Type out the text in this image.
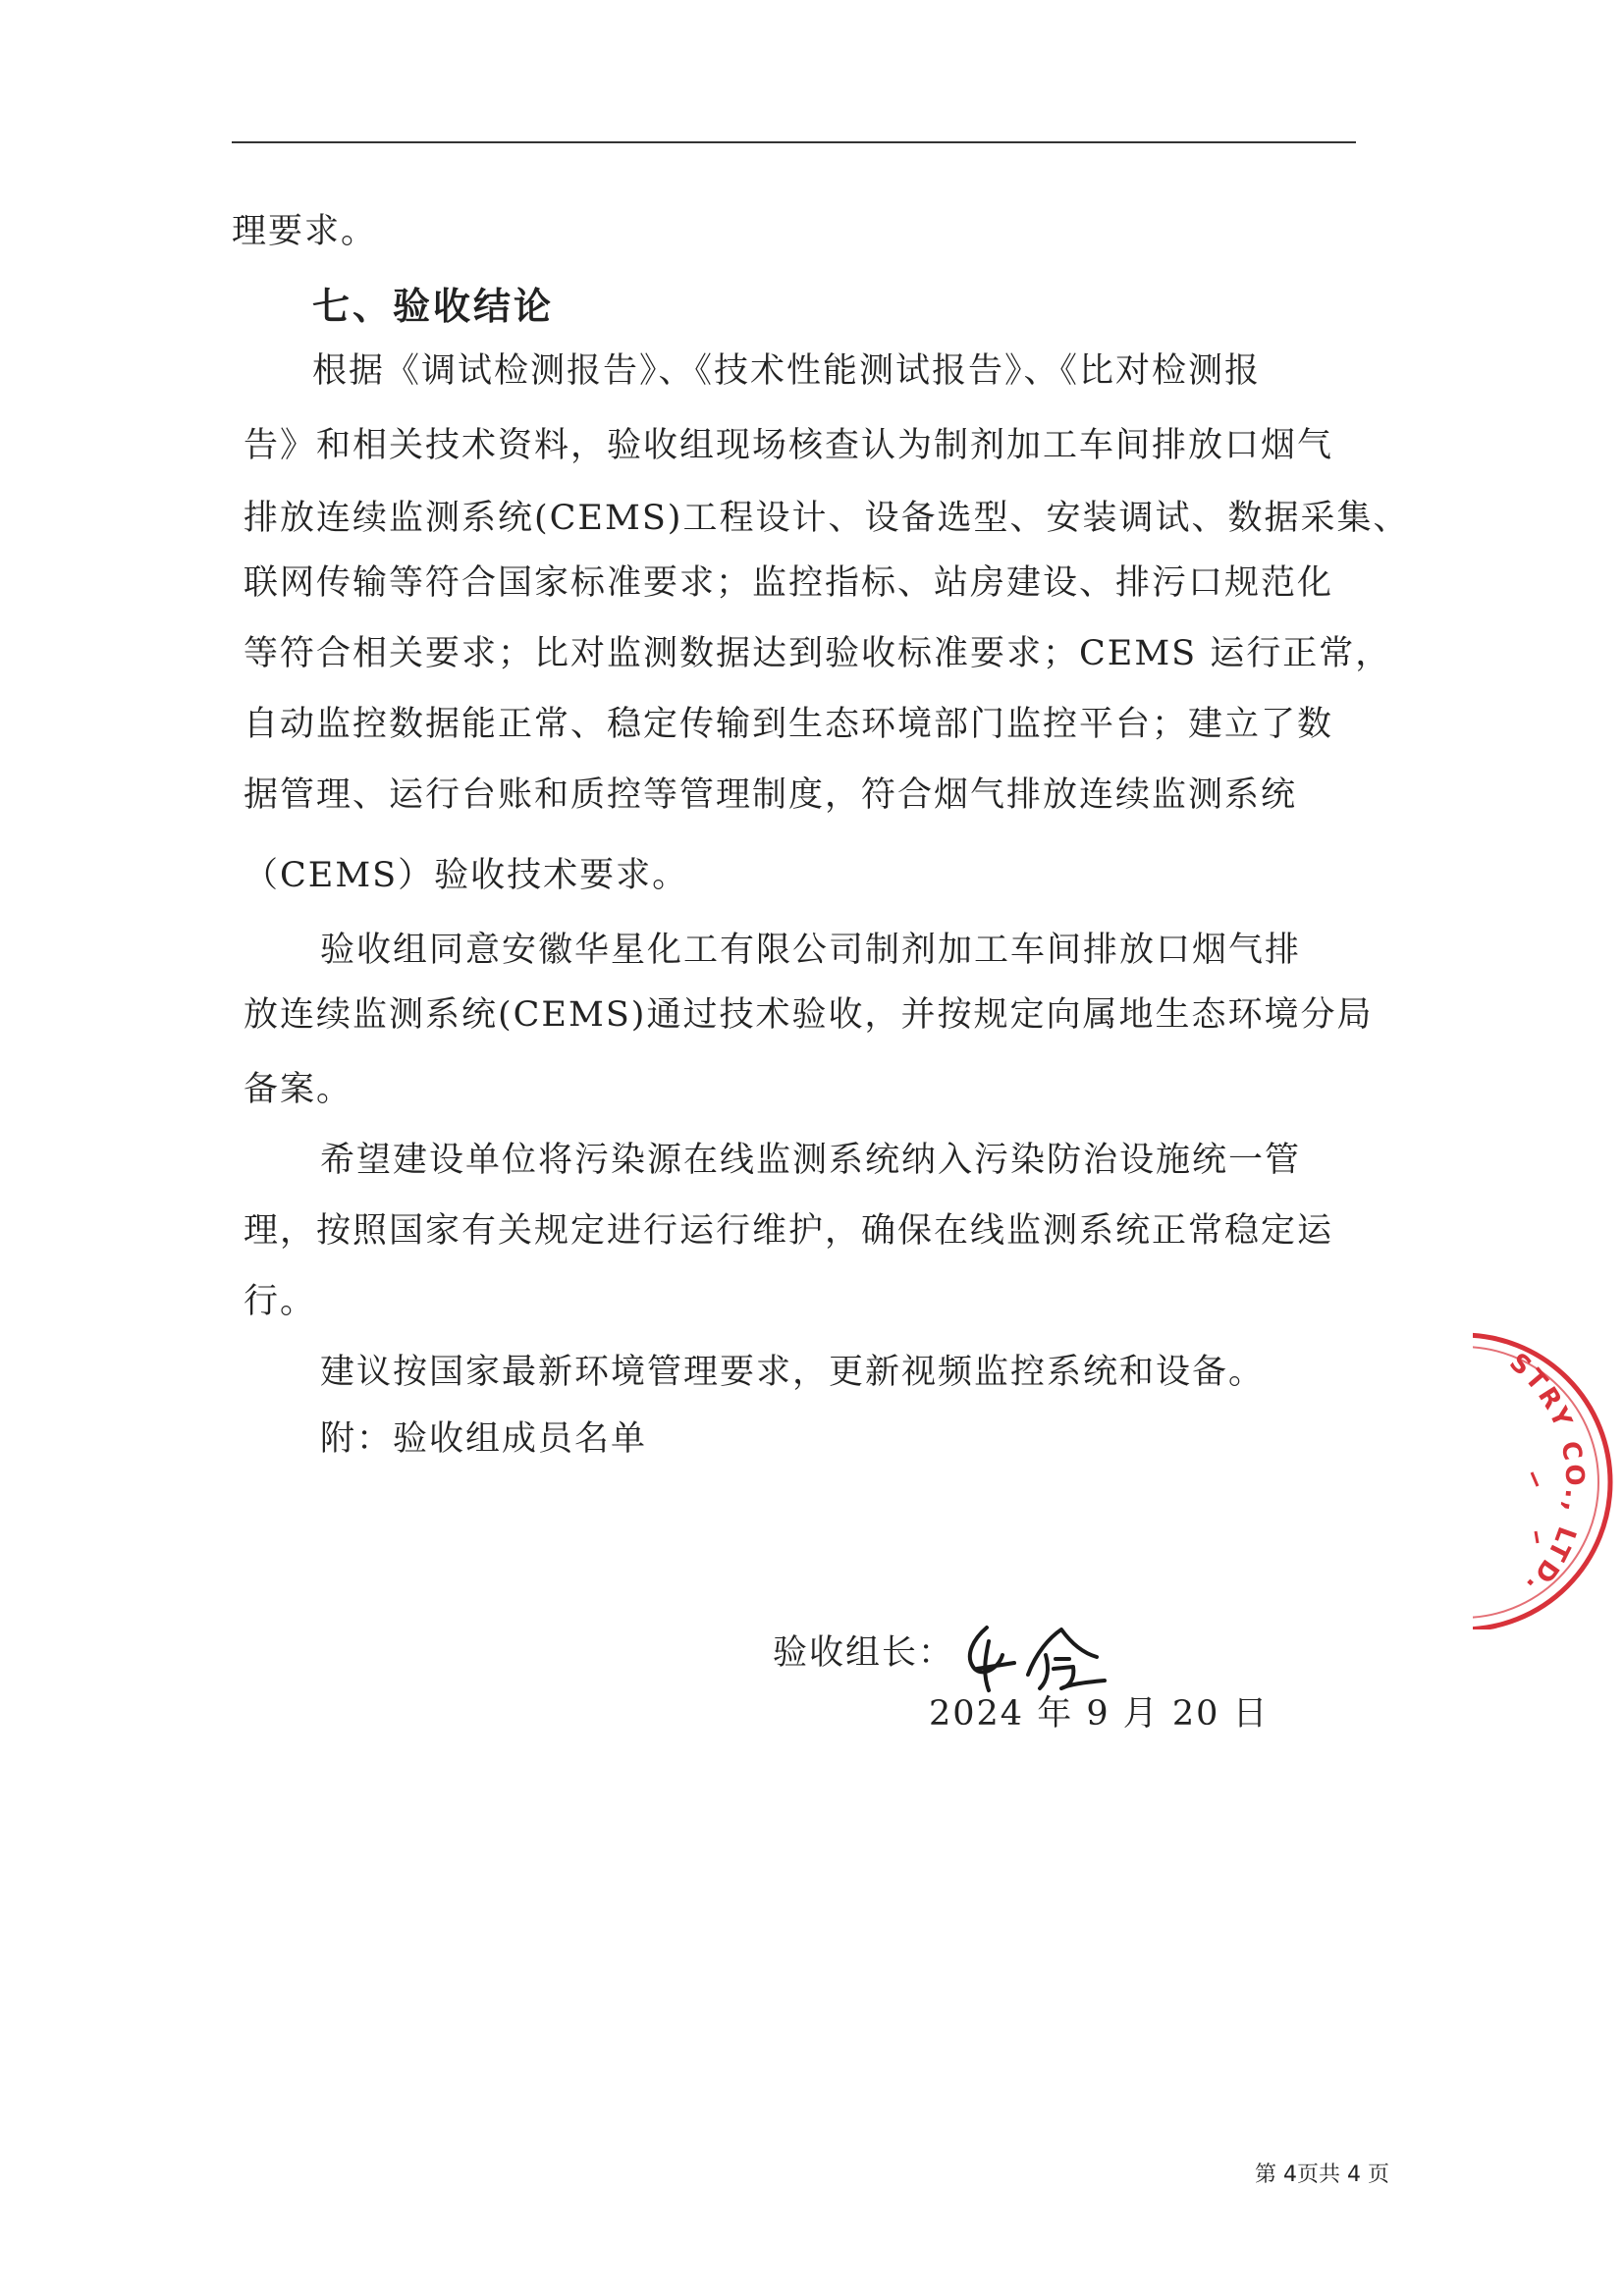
理要求。
七、验收结论
根据《调试检测报告》、《技术性能测试报告》、《比对检测报
告》和相关技术资料，验收组现场核查认为制剂加工车间排放口烟气
排放连续监测系统(CEMS)工程设计、设备选型、安装调试、数据采集、
联网传输等符合国家标准要求；监控指标、站房建设、排污口规范化
等符合相关要求；比对监测数据达到验收标准要求；CEMS 运行正常，
自动监控数据能正常、稳定传输到生态环境部门监控平台；建立了数
据管理、运行台账和质控等管理制度，符合烟气排放连续监测系统
（CEMS）验收技术要求。
验收组同意安徽华星化工有限公司制剂加工车间排放口烟气排
放连续监测系统(CEMS)通过技术验收，并按规定向属地生态环境分局
备案。
希望建设单位将污染源在线监测系统纳入污染防治设施统一管
理，按照国家有关规定进行运行维护，确保在线监测系统正常稳定运
行。
建议按国家最新环境管理要求，更新视频监控系统和设备。
附：验收组成员名单
验收组长：
2024 年 9 月 20 日
STRY CO., LTD.
第 4页共 4 页
